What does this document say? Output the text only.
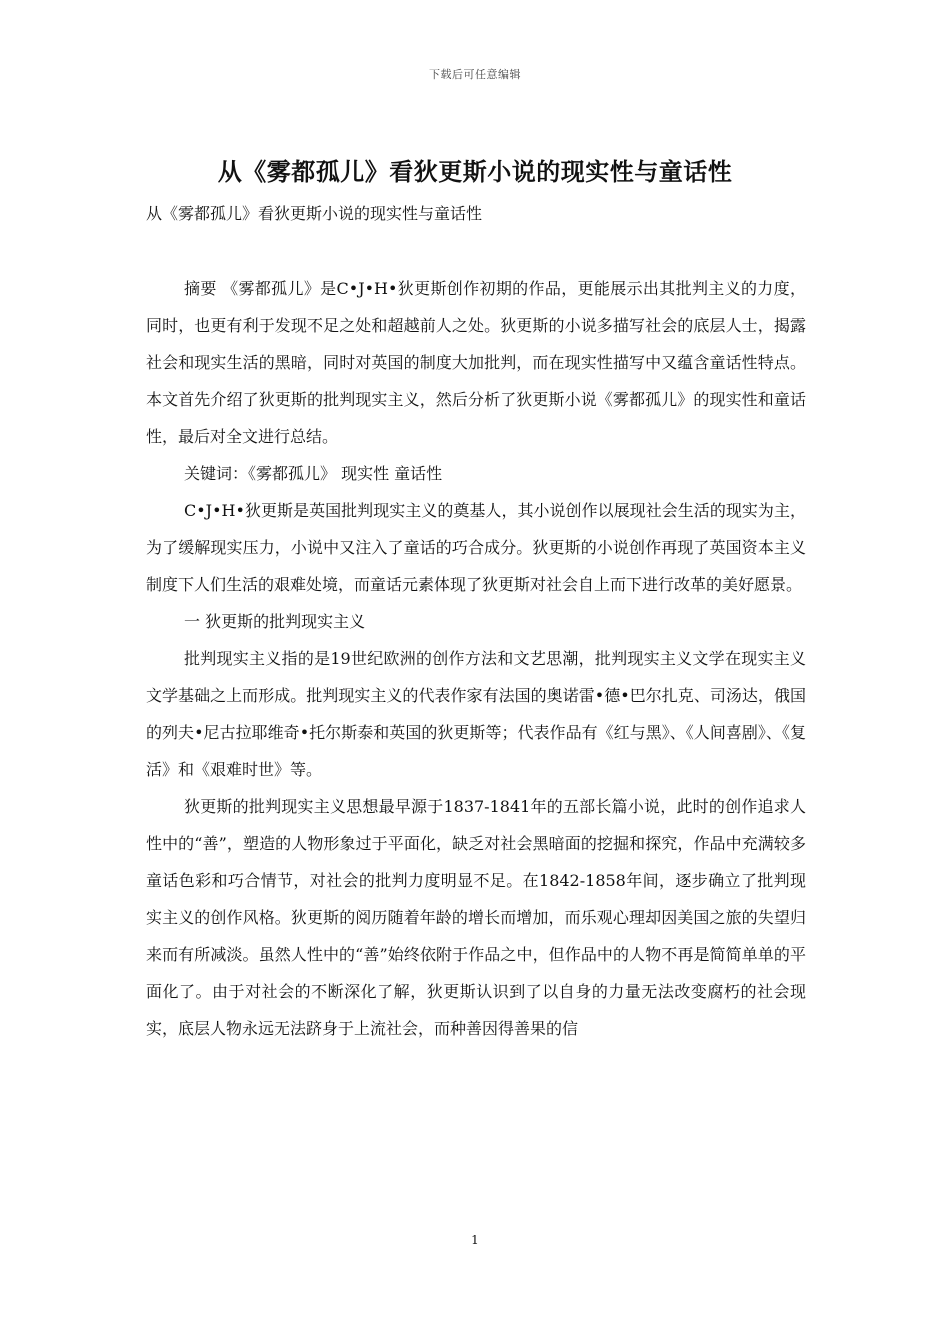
下载后可任意编辑
从《雾都孤儿》看狄更斯小说的现实性与童话性
从《雾都孤儿》看狄更斯小说的现实性与童话性

摘要 《雾都孤儿》是C•J•H•狄更斯创作初期的作品，更能展示出其批判主义的力度，同时，也更有利于发现不足之处和超越前人之处。狄更斯的小说多描写社会的底层人士，揭露社会和现实生活的黑暗，同时对英国的制度大加批判，而在现实性描写中又蕴含童话性特点。本文首先介绍了狄更斯的批判现实主义，然后分析了狄更斯小说《雾都孤儿》的现实性和童话性，最后对全文进行总结。

关键词：《雾都孤儿》 现实性 童话性

C•J•H•狄更斯是英国批判现实主义的奠基人，其小说创作以展现社会生活的现实为主，为了缓解现实压力，小说中又注入了童话的巧合成分。狄更斯的小说创作再现了英国资本主义制度下人们生活的艰难处境，而童话元素体现了狄更斯对社会自上而下进行改革的美好愿景。

一 狄更斯的批判现实主义

批判现实主义指的是19世纪欧洲的创作方法和文艺思潮，批判现实主义文学在现实主义文学基础之上而形成。批判现实主义的代表作家有法国的奥诺雷•德•巴尔扎克、司汤达，俄国的列夫•尼古拉耶维奇•托尔斯泰和英国的狄更斯等；代表作品有《红与黑》、《人间喜剧》、《复活》和《艰难时世》等。

狄更斯的批判现实主义思想最早源于1837-1841年的五部长篇小说，此时的创作追求人性中的“善”，塑造的人物形象过于平面化，缺乏对社会黑暗面的挖掘和探究，作品中充满较多童话色彩和巧合情节，对社会的批判力度明显不足。在1842-1858年间，逐步确立了批判现实主义的创作风格。狄更斯的阅历随着年龄的增长而增加，而乐观心理却因美国之旅的失望归来而有所减淡。虽然人性中的“善”始终依附于作品之中，但作品中的人物不再是简简单单的平面化了。由于对社会的不断深化了解，狄更斯认识到了以自身的力量无法改变腐朽的社会现实，底层人物永远无法跻身于上流社会，而种善因得善果的信

1
